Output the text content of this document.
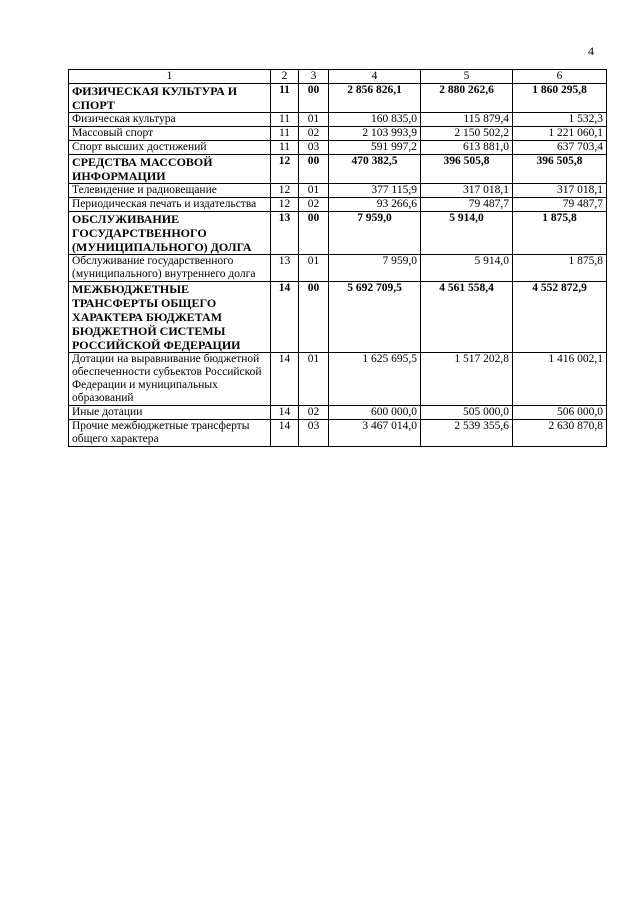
4
1	2	3	4	5	6
ФИЗИЧЕСКАЯ КУЛЬТУРА И СПОРТ	11	00	2 856 826,1	2 880 262,6	1 860 295,8
Физическая культура	11	01	160 835,0	115 879,4	1 532,3
Массовый спорт	11	02	2 103 993,9	2 150 502,2	1 221 060,1
Спорт высших достижений	11	03	591 997,2	613 881,0	637 703,4
СРЕДСТВА МАССОВОЙ ИНФОРМАЦИИ	12	00	470 382,5	396 505,8	396 505,8
Телевидение и радиовещание	12	01	377 115,9	317 018,1	317 018,1
Периодическая печать и издательства	12	02	93 266,6	79 487,7	79 487,7
ОБСЛУЖИВАНИЕ ГОСУДАРСТВЕННОГО (МУНИЦИПАЛЬНОГО) ДОЛГА	13	00	7 959,0	5 914,0	1 875,8
Обслуживание государственного (муниципального) внутреннего долга	13	01	7 959,0	5 914,0	1 875,8
МЕЖБЮДЖЕТНЫЕ ТРАНСФЕРТЫ ОБЩЕГО ХАРАКТЕРА БЮДЖЕТАМ БЮДЖЕТНОЙ СИСТЕМЫ РОССИЙСКОЙ ФЕДЕРАЦИИ	14	00	5 692 709,5	4 561 558,4	4 552 872,9
Дотации на выравнивание бюджетной обеспеченности субъектов Российской Федерации и муниципальных образований	14	01	1 625 695,5	1 517 202,8	1 416 002,1
Иные дотации	14	02	600 000,0	505 000,0	506 000,0
Прочие межбюджетные трансферты общего характера	14	03	3 467 014,0	2 539 355,6	2 630 870,8
